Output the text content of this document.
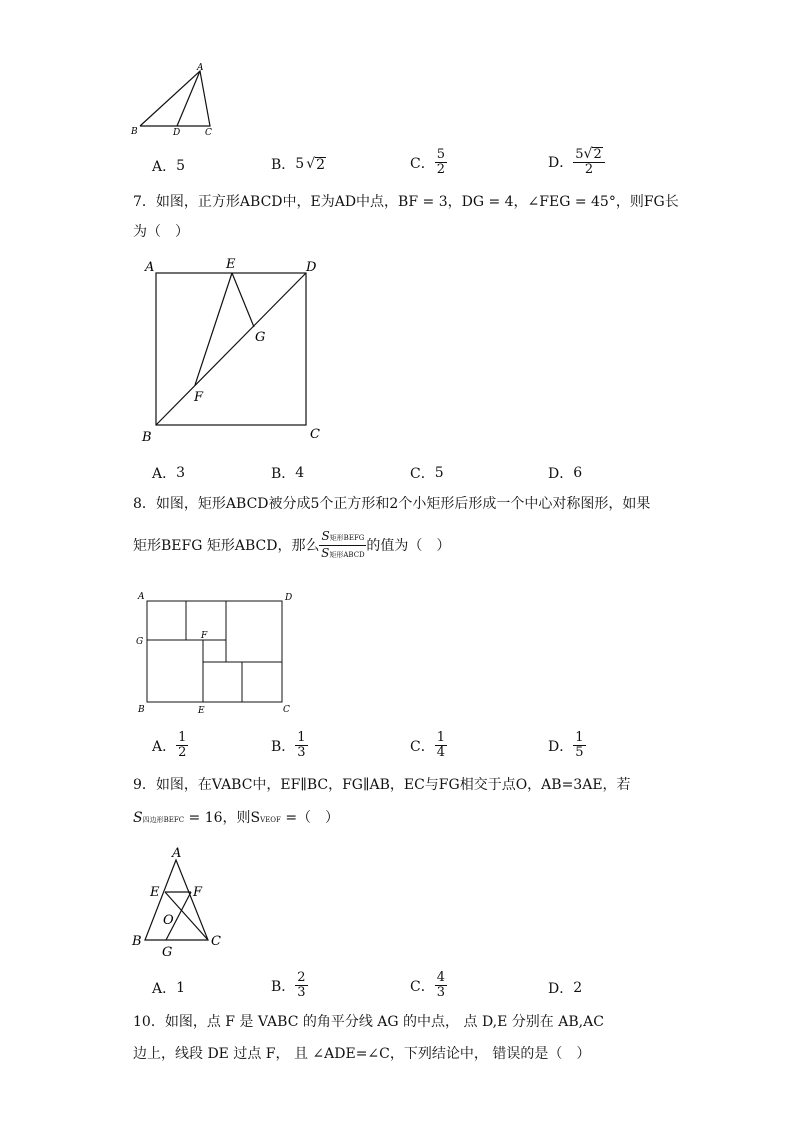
A
B	D	C
A． 5	B． 5 √ 2	C． $\frac{5}{2}$	D． $\frac{5 √ 2}{2}$
7．如图，正方形ABCD中，E为AD中点，BF = 3，DG = 4，∠FEG = 45°，则FG长
为（　）
A	E	D
G
F
B	C
A． 3	B． 4	C． 5	D． 6
8．如图，矩形ABCD被分成5个正方形和2个小矩形后形成一个中心对称图形，如果
矩形BEFG 矩形ABCD，那么 $\frac{\text{S矩形BEFG}}{\text{S矩形ABCD}}$ 的值为（　）
A	D
G
F
B	E	C
A． $\frac{1}{2}$	B． $\frac{1}{3}$	C． $\frac{1}{4}$	D． $\frac{1}{5}$
9．如图，在VABC中，EF∥BC，FG∥AB，EC与FG相交于点O，AB=3AE，若
S四边形BEFC = 16，则SVEOF =（　）
A
E	F
O
B
G
C
A． 1	B． $\frac{2}{3}$	C． $\frac{4}{3}$	D． 2
10．如图，点 F 是 VABC 的角平分线 AG 的中点， 点 D,E 分别在 AB,AC
边上，线段 DE 过点 F， 且 ∠ADE=∠C，下列结论中， 错误的是（　）
